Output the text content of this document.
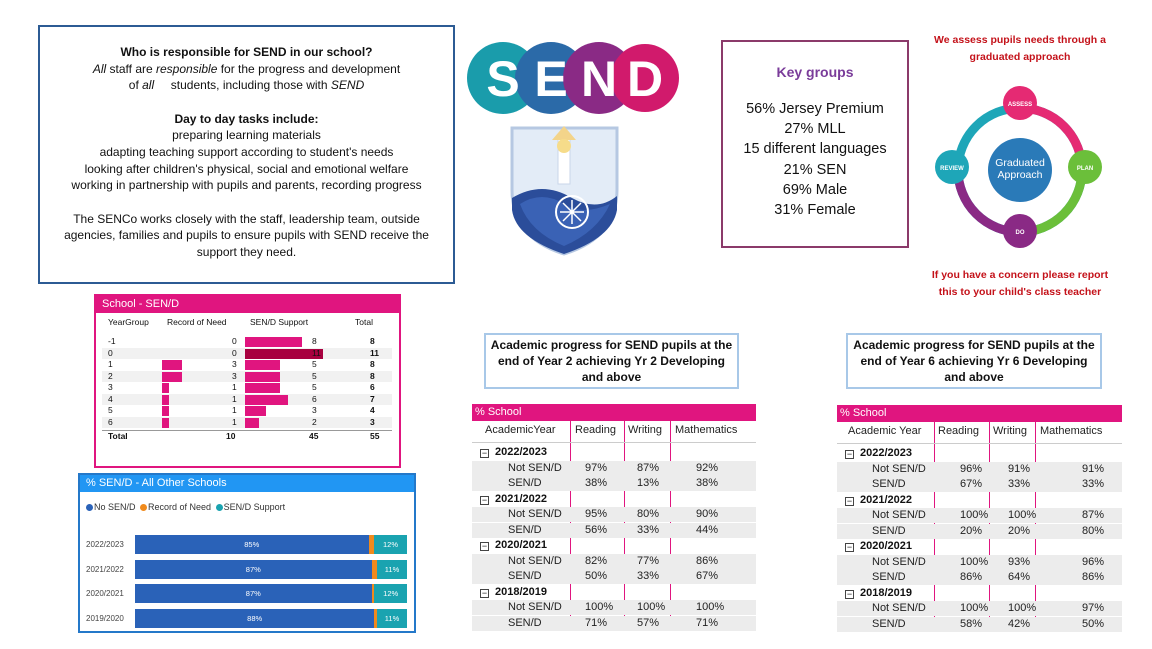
Who is responsible for SEND in our school?
All staff are responsible for the progress and development
of all     students, including those with SEND
Day to day tasks include:
preparing learning materials
adapting teaching support according to student's needs
looking after children's physical, social and emotional welfare
working in partnership with pupils and parents, recording progress
The SENCo works closely with the staff, leadership team, outside
agencies, families and pupils to ensure pupils with SEND receive the
support they need.
S E N D	Key groups
56% Jersey Premium
27% MLL
15 different languages
21% SEN
69% Male
31% Female
We assess pupils needs through a
graduated approach
Graduated
Approach
ASSESS
PLAN
DO
REVIEW
If you have a concern please report
this to your child's class teacher
School - SEN/D
YearGroup Record of Need	SEN/D Support	Total
-1	0	8	8
0	0	11	11
1	3	5	8
2	3	5	8
3	1	5	6
4	1	6	7
5	1	3	4
6	1	2	3
Total	10	45	55
% SEN/D - All Other Schools
No SEN/D Record of Need SEN/D Support
2022/2023	85%	12%
2021/2022	87%	11%
2020/2021	87%	12%
2019/2020	88%	11%
Academic progress for SEND pupils at the
end of Year 2 achieving Yr 2 Developing
and above
% School
AcademicYear Reading Writing Mathematics
− 2022/2023
Not SEN/D 97%	87%	92%
SEN/D	38%	13%	38%
− 2021/2022
Not SEN/D 95%	80%	90%
SEN/D	56%	33%	44%
− 2020/2021
Not SEN/D 82%	77%	86%
SEN/D	50%	33%	67%
− 2018/2019
Not SEN/D 100% 100%	100%
SEN/D	71%	57%	71%
Academic progress for SEND pupils at the
end of Year 6 achieving Yr 6 Developing
and above
% School
Academic Year Reading Writing Mathematics
− 2022/2023
Not SEN/D	96% 91%	91%
SEN/D	67% 33%	33%
− 2021/2022
Not SEN/D	100% 100%	87%
SEN/D	20% 20%	80%
− 2020/2021
Not SEN/D	100% 93%	96%
SEN/D	86% 64%	86%
− 2018/2019
Not SEN/D	100% 100%	97%
SEN/D	58% 42%	50%
